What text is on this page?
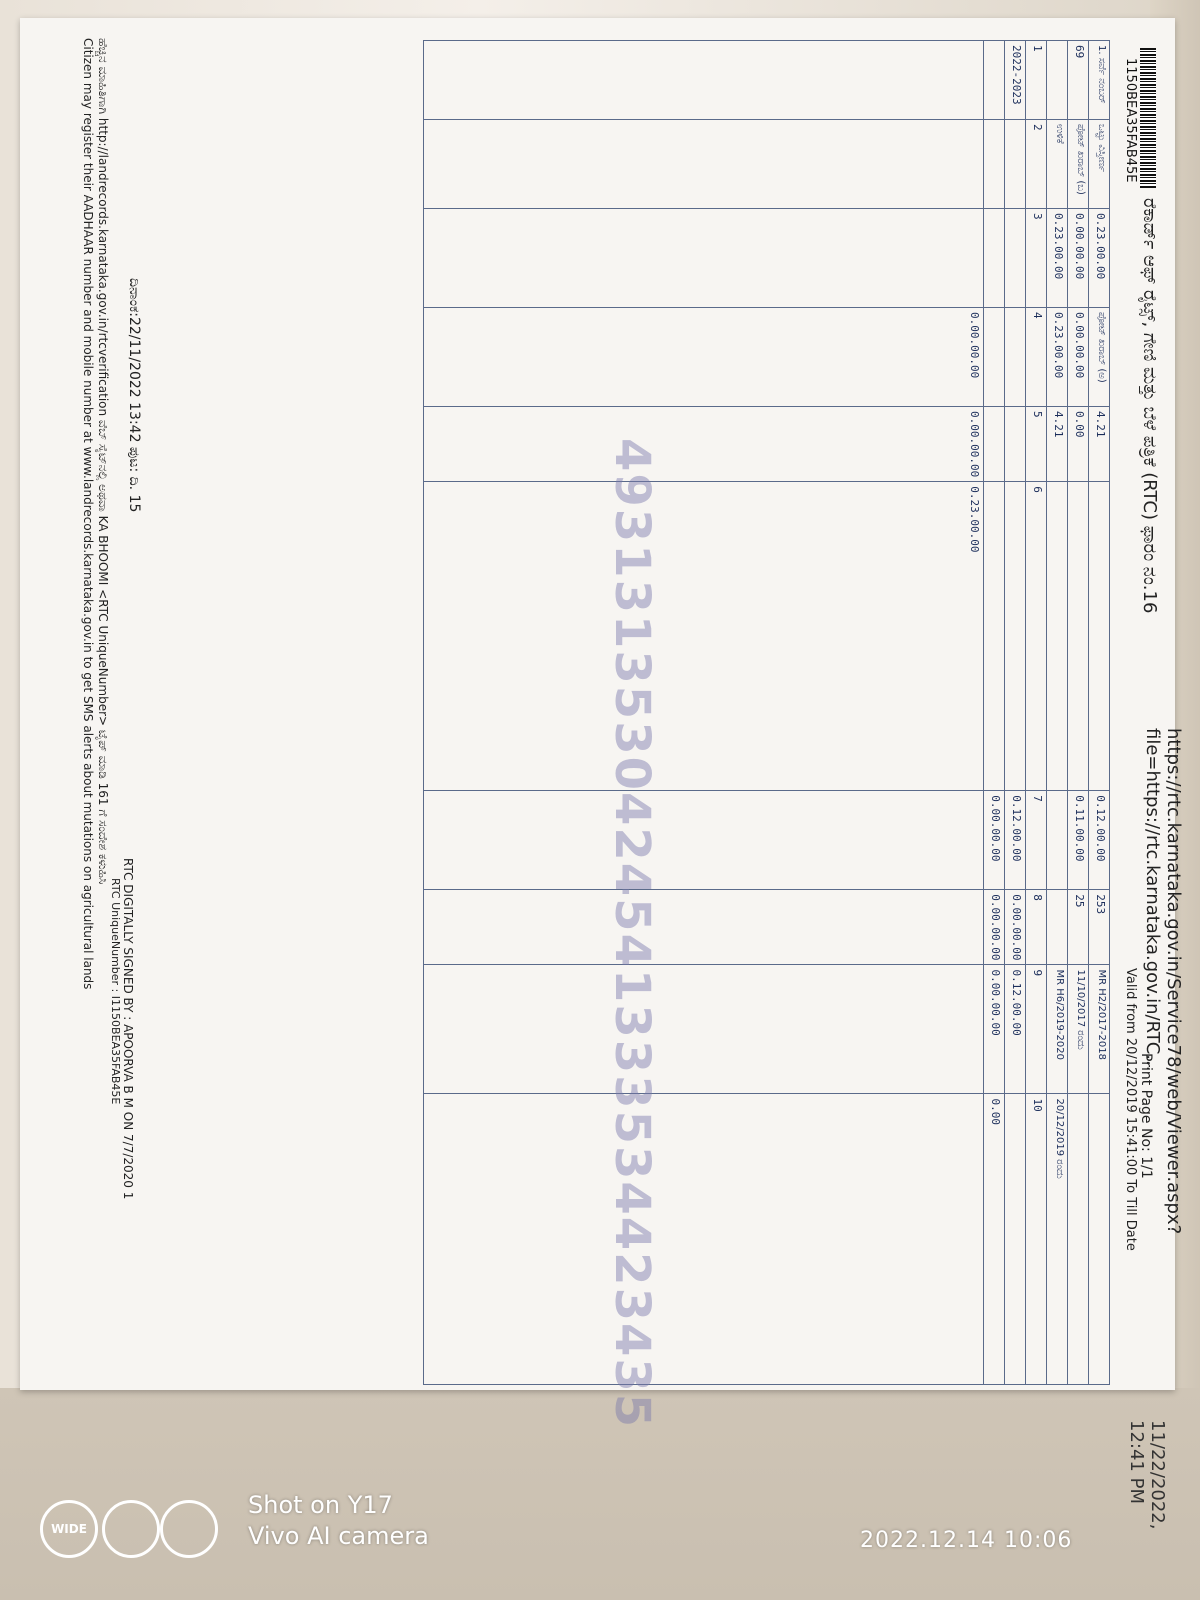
1150BEA35FAB45E
https://rtc.karnataka.gov.in/Service78/web/Viewer.aspx?file=https://rtc.karnataka.gov.in/RTC...
ರೆಕಾರ್ಡ್ ಆಫ್ ರೈಟ್ಸ್, ಗೇಣಿ ಮತ್ತು ಬೆಳೆ ಪತ್ರಿಕೆ (RTC) ಫಾರಂ ನಂ.16
Print Page No: 1/1
Valid from 20/12/2019 15:41:00 To Till Date
1. ಸರ್ವೆ ನಂಬರ್	ಒಟ್ಟು ವಿಸ್ತೀರ್ಣ	0.23.00.00	ಪೋಟ್ ಖರಾಬ್ (ಅ)	4.21		0.12.00.00	253	MR H2/2017-2018	
69	ಪೋಟ್ ಖರಾಬ್ (ಬ)	0.00.00.00	0.00.00.00	0.00		0.11.00.00	25	11/10/2017 ರಂದು	
	ಉಳಿಕೆ	0.23.00.00	0.23.00.00	4.21				MR H6/2019-2020	20/12/2019 ರಂದು
1	2	3	4	5	6	7	8	9	10
2022-2023						0.12.00.00	0.00.00.00	0.12.00.00	
						0.00.00.00	0.00.00.00	0.00.00.00	0.00
			0.00.00.00	0.00.00.00	0.23.00.00				
4931313530424541333534423435
ದಿನಾಂಕ:22/11/2022 13:42 ಪುಟ: ದಿ. 15
RTC DIGITALLY SIGNED BY : APOORVA B M ON 7/7/2020 1
RTC UniqueNumber : I1150BEA35FAB45E
ಹೆಚ್ಚಿನ ಮಾಹಿತಿಗಾಗಿ http://landrecords.karnataka.gov.in/rtcverification ವೆಬ್ ಸೈಟ್‌ನಲ್ಲಿ ಅಥವಾ KA BHOOMI <RTC UniqueNumber> ಟೈಪ್ ಮಾಡಿ 161 ಗೆ ಸಂದೇಶ ಕಳುಹಿಸಿ
Citizen may register their AADHAAR number and mobile number at www.landrecords.karnataka.gov.in to get SMS alerts about mutations on agricultural lands
11/22/2022, 12:41 PM
WIDE
Shot on Y17
Vivo AI camera	2022.12.14 10:06
